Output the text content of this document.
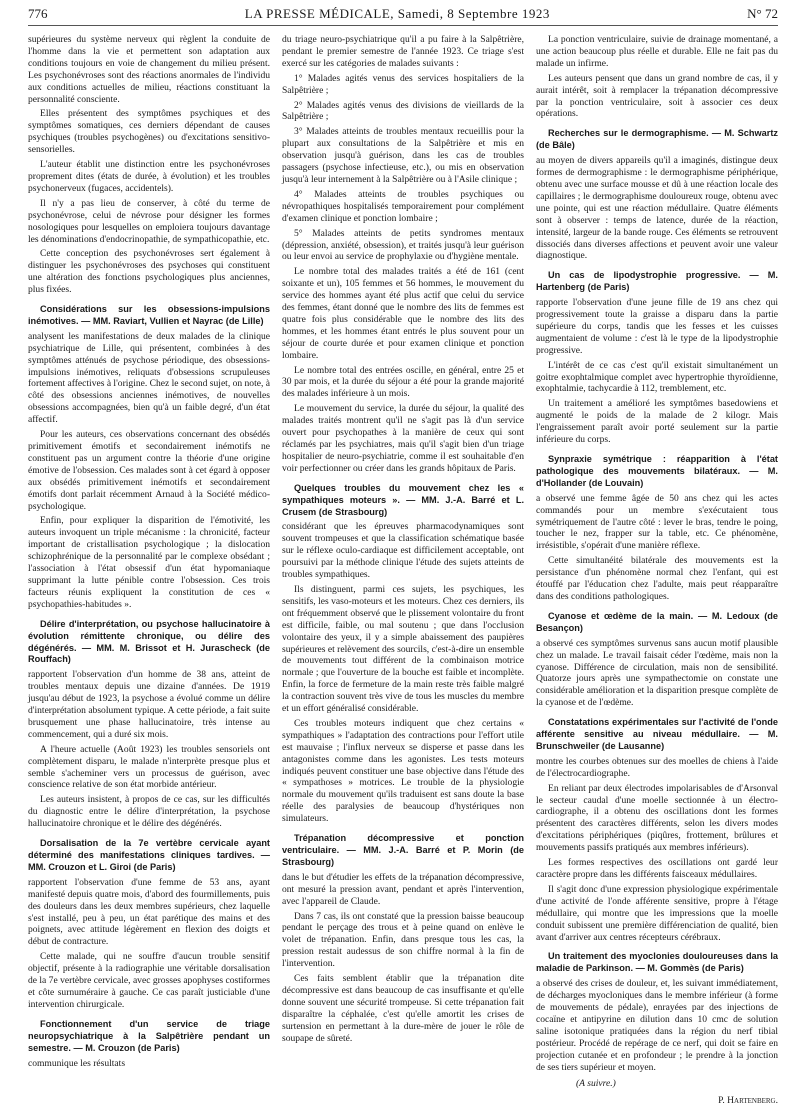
776	LA PRESSE MÉDICALE, Samedi, 8 Septembre 1923	N° 72

supérieures du système nerveux qui règlent la conduite de l'homme dans la vie et permettent son adaptation aux conditions toujours en voie de changement du milieu présent. Les psychonévroses sont des réactions anormales de l'individu aux conditions actuelles de milieu, réactions constituant la personnalité consciente.

Elles présentent des symptômes psychiques et des symptômes somatiques, ces derniers dépendant de causes psychiques (troubles psychogènes) ou d'excitations sensitivo-sensorielles.

L'auteur établit une distinction entre les psychonévroses proprement dites (états de durée, à évolution) et les troubles psychonerveux (fugaces, accidentels).

Il n'y a pas lieu de conserver, à côté du terme de psychonévrose, celui de névrose pour désigner les formes nosologiques pour lesquelles on emploiera toujours davantage les dénominations d'endocrinopathie, de sympathicopathie, etc.

Cette conception des psychonévroses sert également à distinguer les psychonévroses des psychoses qui constituent une altération des fonctions psychologiques plus anciennes, plus fixées.

Considérations sur les obsessions-impulsions inémotives. — MM. Raviart, Vullien et Nayrac (de Lille)

analysent les manifestations de deux malades de la clinique psychiatrique de Lille, qui présentent, combinées à des symptômes atténués de psychose périodique, des obsessions-impulsions inémotives, reliquats d'obsessions scrupuleuses fortement affectives à l'origine. Chez le second sujet, on note, à côté des obsessions anciennes inémotives, de nouvelles obsessions accompagnées, bien qu'à un faible degré, d'un état affectif.

Pour les auteurs, ces observations concernant des obsédés primitivement émotifs et secondairement inémotifs ne constituent pas un argument contre la théorie d'une origine émotive de l'obsession. Ces malades sont à cet égard à opposer aux obsédés primitivement inémotifs et secondairement émotifs dont parlait récemment Arnaud à la Société médico-psychologique.

Enfin, pour expliquer la disparition de l'émotivité, les auteurs invoquent un triple mécanisme : la chronicité, facteur important de cristallisation psychologique ; la dislocation schizophrénique de la personnalité par le complexe obsédant ; l'association à l'état obsessif d'un état hypomaniaque supprimant la lutte pénible contre l'obsession. Ces trois facteurs réunis expliquent la constitution de ces « psychopathies-habitudes ».

Délire d'interprétation, ou psychose hallucinatoire à évolution rémittente chronique, ou délire des dégénérés. — MM. M. Brissot et H. Jurascheck (de Rouffach)

rapportent l'observation d'un homme de 38 ans, atteint de troubles mentaux depuis une dizaine d'années. De 1919 jusqu'au début de 1923, la psychose a évolué comme un délire d'interprétation absolument typique. A cette période, a fait suite brusquement une phase hallucinatoire, très intense au commencement, qui a duré six mois.

A l'heure actuelle (Août 1923) les troubles sensoriels ont complètement disparu, le malade n'interprète presque plus et semble s'acheminer vers un processus de guérison, avec conscience relative de son état morbide antérieur.

Les auteurs insistent, à propos de ce cas, sur les difficultés du diagnostic entre le délire d'interprétation, la psychose hallucinatoire chronique et le délire des dégénérés.

Dorsalisation de la 7e vertèbre cervicale ayant déterminé des manifestations cliniques tardives. — MM. Crouzon et L. Giroi (de Paris)

rapportent l'observation d'une femme de 53 ans, ayant manifesté depuis quatre mois, d'abord des fourmillements, puis des douleurs dans les deux membres supérieurs, chez laquelle s'est installé, peu à peu, un état parétique des mains et des poignets, avec attitude légèrement en flexion des doigts et début de contracture.

Cette malade, qui ne souffre d'aucun trouble sensitif objectif, présente à la radiographie une véritable dorsalisation de la 7e vertèbre cervicale, avec grosses apophyses costiformes et côte surnuméraire à gauche. Ce cas paraît justiciable d'une intervention chirurgicale.

Fonctionnement d'un service de triage neuropsychiatrique à la Salpêtrière pendant un semestre. — M. Crouzon (de Paris)

communique les résultats

du triage neuro-psychiatrique qu'il a pu faire à la Salpêtrière, pendant le premier semestre de l'année 1923. Ce triage s'est exercé sur les catégories de malades suivants :

1° Malades agités venus des services hospitaliers de la Salpêtrière ;

2° Malades agités venus des divisions de vieillards de la Salpêtrière ;

3° Malades atteints de troubles mentaux recueillis pour la plupart aux consultations de la Salpêtrière et mis en observation jusqu'à guérison, dans les cas de troubles passagers (psychose infectieuse, etc.), ou mis en observation jusqu'à leur internement à la Salpêtrière ou à l'Asile clinique ;

4° Malades atteints de troubles psychiques ou névropathiques hospitalisés temporairement pour complément d'examen clinique et ponction lombaire ;

5° Malades atteints de petits syndromes mentaux (dépression, anxiété, obsession), et traités jusqu'à leur guérison ou leur envoi au service de prophylaxie ou d'hygiène mentale.

Le nombre total des malades traités a été de 161 (cent soixante et un), 105 femmes et 56 hommes, le mouvement du service des hommes ayant été plus actif que celui du service des femmes, étant donné que le nombre des lits de femmes est quatre fois plus considérable que le nombre des lits des hommes, et les hommes étant entrés le plus souvent pour un séjour de courte durée et pour examen clinique et ponction lombaire.

Le nombre total des entrées oscille, en général, entre 25 et 30 par mois, et la durée du séjour a été pour la grande majorité des malades inférieure à un mois.

Le mouvement du service, la durée du séjour, la qualité des malades traités montrent qu'il ne s'agit pas là d'un service ouvert pour psychopathes à la manière de ceux qui sont réclamés par les psychiatres, mais qu'il s'agit bien d'un triage hospitalier de neuro-psychiatrie, comme il est souhaitable d'en voir perfectionner ou créer dans les grands hôpitaux de Paris.

Quelques troubles du mouvement chez les « sympathiques moteurs ». — MM. J.-A. Barré et L. Crusem (de Strasbourg)

considérant que les épreuves pharmacodynamiques sont souvent trompeuses et que la classification schématique basée sur le réflexe oculo-cardiaque est difficilement acceptable, ont poursuivi par la méthode clinique l'étude des sujets atteints de troubles sympathiques.

Ils distinguent, parmi ces sujets, les psychiques, les sensitifs, les vaso-moteurs et les moteurs. Chez ces derniers, ils ont fréquemment observé que le plissement volontaire du front est difficile, faible, ou mal soutenu ; que dans l'occlusion volontaire des yeux, il y a simple abaissement des paupières supérieures et relèvement des sourcils, c'est-à-dire un ensemble de mouvements tout différent de la combinaison motrice normale ; que l'ouverture de la bouche est faible et incomplète. Enfin, la force de fermeture de la main reste très faible malgré la contraction souvent très vive de tous les muscles du membre et un effort généralisé considérable.

Ces troubles moteurs indiquent que chez certains « sympathiques » l'adaptation des contractions pour l'effort utile est mauvaise ; l'influx nerveux se disperse et passe dans les antagonistes comme dans les agonistes. Les tests moteurs indiqués peuvent constituer une base objective dans l'étude des « sympathoses » motrices. Le trouble de la physiologie normale du mouvement qu'ils traduisent est sans doute la base réelle des paralysies de beaucoup d'hystériques non simulateurs.

Trépanation décompressive et ponction ventriculaire. — MM. J.-A. Barré et P. Morin (de Strasbourg)

dans le but d'étudier les effets de la trépanation décompressive, ont mesuré la pression avant, pendant et après l'intervention, avec l'appareil de Claude.

Dans 7 cas, ils ont constaté que la pression baisse beaucoup pendant le perçage des trous et à peine quand on enlève le volet de trépanation. Enfin, dans presque tous les cas, la pression restait audessus de son chiffre normal à la fin de l'intervention.

Ces faits semblent établir que la trépanation dite décompressive est dans beaucoup de cas insuffisante et qu'elle donne souvent une sécurité trompeuse. Si cette trépanation fait disparaître la céphalée, c'est qu'elle amortit les crises de surtension en permettant à la dure-mère de jouer le rôle de soupape de sûreté.

La ponction ventriculaire, suivie de drainage momentané, a une action beaucoup plus réelle et durable. Elle ne fait pas du malade un infirme.

Les auteurs pensent que dans un grand nombre de cas, il y aurait intérêt, soit à remplacer la trépanation décompressive par la ponction ventriculaire, soit à associer ces deux opérations.

Recherches sur le dermographisme. — M. Schwartz (de Bâle)

au moyen de divers appareils qu'il a imaginés, distingue deux formes de dermographisme : le dermographisme périphérique, obtenu avec une surface mousse et dû à une réaction locale des capillaires ; le dermographisme douloureux rouge, obtenu avec une pointe, qui est une réaction médullaire. Quatre éléments sont à observer : temps de latence, durée de la réaction, intensité, largeur de la bande rouge. Ces éléments se retrouvent dissociés dans diverses affections et peuvent avoir une valeur diagnostique.

Un cas de lipodystrophie progressive. — M. Hartenberg (de Paris)

rapporte l'observation d'une jeune fille de 19 ans chez qui progressivement toute la graisse a disparu dans la partie supérieure du corps, tandis que les fesses et les cuisses augmentaient de volume : c'est là le type de la lipodystrophie progressive.

L'intérêt de ce cas c'est qu'il existait simultanément un goitre exophtalmique complet avec hypertrophie thyroïdienne, exophtalmie, tachycardie à 112, tremblement, etc.

Un traitement a amélioré les symptômes basedowiens et augmenté le poids de la malade de 2 kilogr. Mais l'engraissement paraît avoir porté seulement sur la partie inférieure du corps.

Synpraxie symétrique : réapparition à l'état pathologique des mouvements bilatéraux. — M. d'Hollander (de Louvain)

a observé une femme âgée de 50 ans chez qui les actes commandés pour un membre s'exécutaient tous symétriquement de l'autre côté : lever le bras, tendre le poing, toucher le nez, frapper sur la table, etc. Ce phénomène, irrésistible, s'opérait d'une manière réflexe.

Cette simultanéité bilatérale des mouvements est la persistance d'un phénomène normal chez l'enfant, qui est étouffé par l'éducation chez l'adulte, mais peut réapparaître dans des conditions pathologiques.

Cyanose et œdème de la main. — M. Ledoux (de Besançon)

a observé ces symptômes survenus sans aucun motif plausible chez un malade. Le travail faisait céder l'œdème, mais non la cyanose. Différence de circulation, mais non de sensibilité. Quatorze jours après une sympathectomie on constate une considérable amélioration et la disparition presque complète de la cyanose et de l'œdème.

Constatations expérimentales sur l'activité de l'onde afférente sensitive au niveau médullaire. — M. Brunschweiler (de Lausanne)

montre les courbes obtenues sur des moelles de chiens à l'aide de l'électrocardiographe.

En reliant par deux électrodes impolarisables de d'Arsonval le secteur caudal d'une moelle sectionnée à un électro-cardiographe, il a obtenu des oscillations dont les formes présentent des caractères différents, selon les divers modes d'excitations périphériques (piqûres, frottement, brûlures et mouvements passifs pratiqués aux membres inférieurs).

Les formes respectives des oscillations ont gardé leur caractère propre dans les différents faisceaux médullaires.

Il s'agit donc d'une expression physiologique expérimentale d'une activité de l'onde afférente sensitive, propre à l'étage médullaire, qui montre que les impressions que la moelle conduit subissent une première différenciation de qualité, bien avant d'arriver aux centres récepteurs cérébraux.

Un traitement des myoclonies douloureuses dans la maladie de Parkinson. — M. Gommès (de Paris)

a observé des crises de douleur, et, les suivant immédiatement, de décharges myocloniques dans le membre inférieur (à forme de mouvements de pédale), enrayées par des injections de cocaïne et antipyrine en dilution dans 10 cmc de solution saline isotonique pratiquées dans la région du nerf tibial postérieur. Procédé de repérage de ce nerf, qui doit se faire en projection cutanée et en profondeur ; le prendre à la jonction de ses tiers supérieur et moyen.

(A suivre.)

P. Hartenberg.
